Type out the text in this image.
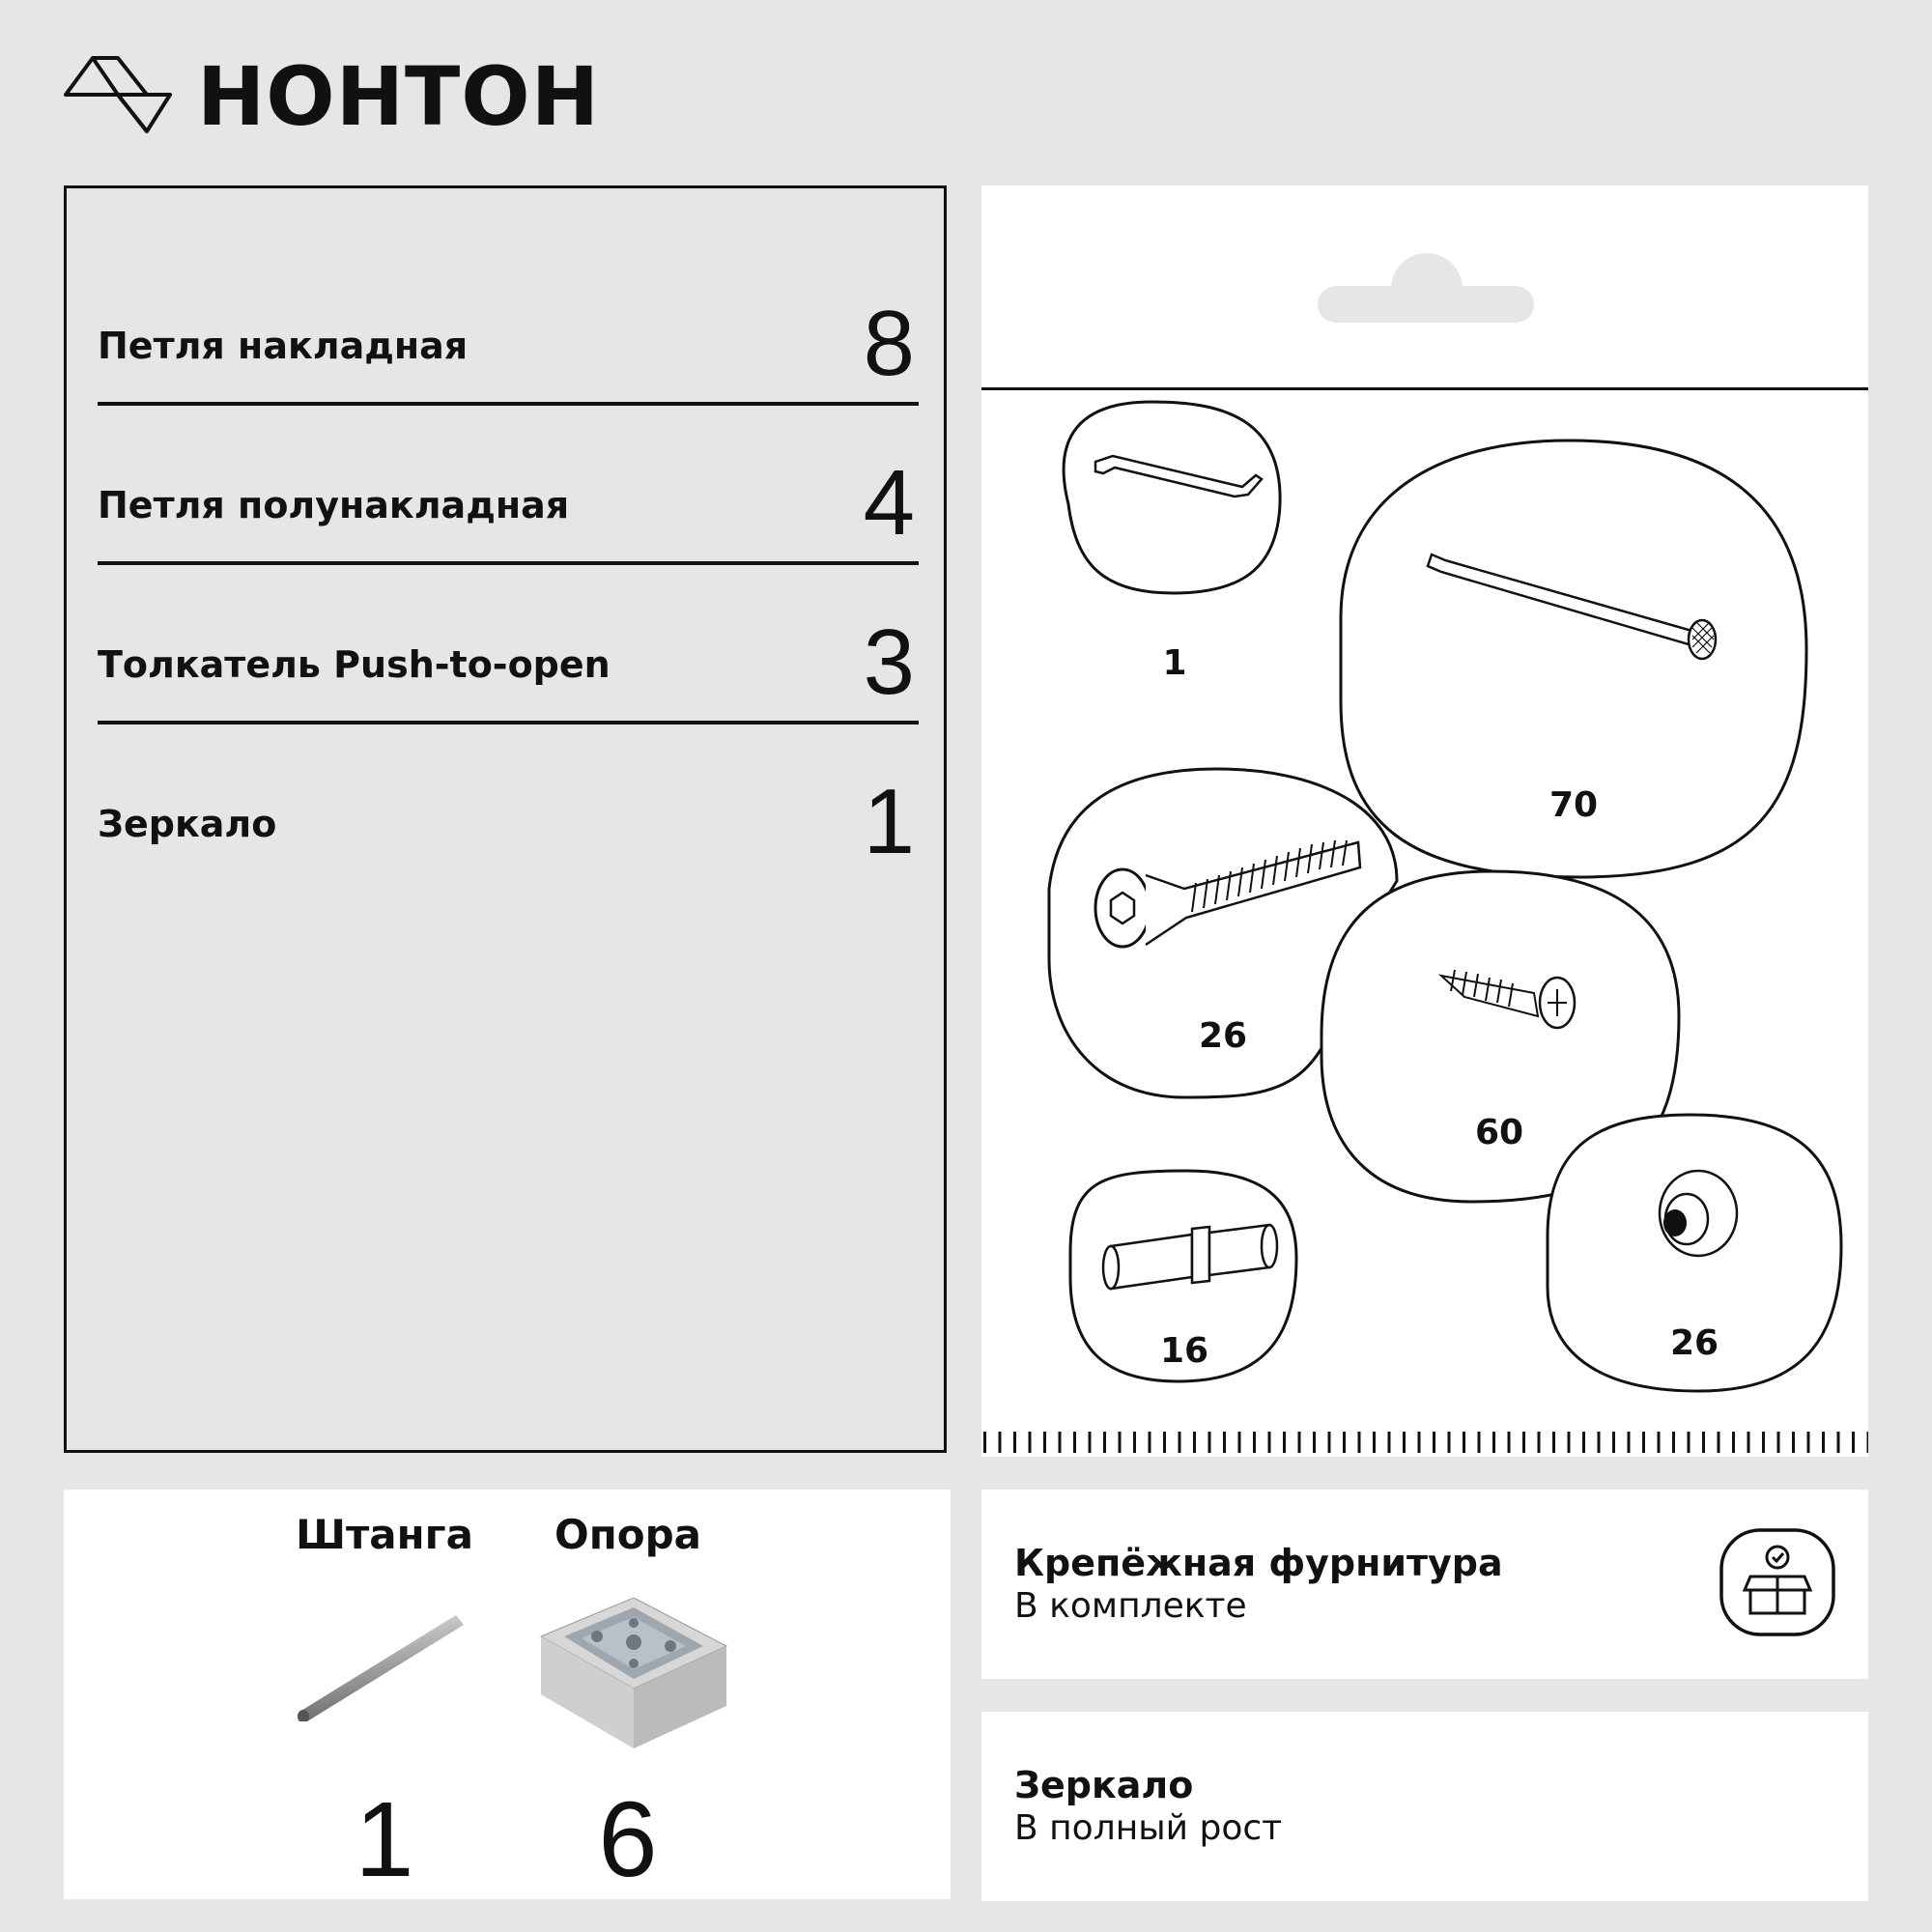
НОНТОН
Петля накладная	8
Петля полунакладная	4
Толкатель Push-to-open	3
Зеркало	1
1
70
26
60
16	26
Штанга	Опора
1	6
Крепёжная фурнитура
В комплекте
Зеркало
В полный рост
